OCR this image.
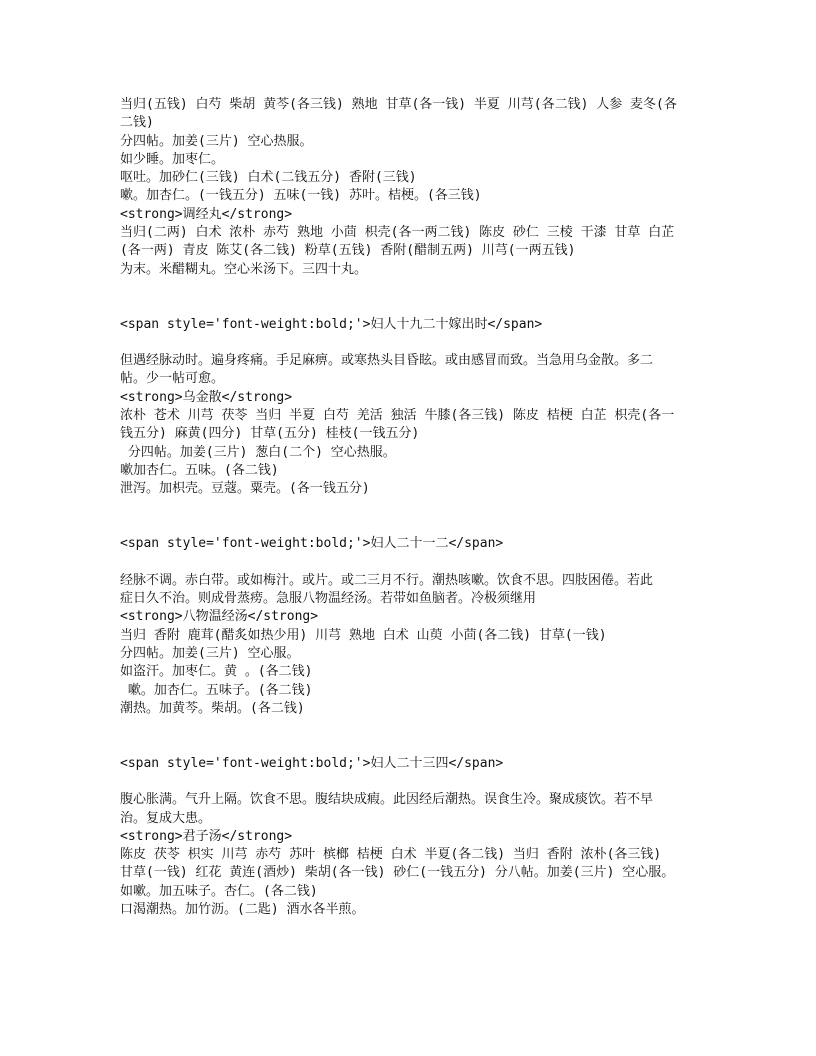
当归(五钱) 白芍 柴胡 黄芩(各三钱) 熟地 甘草(各一钱) 半夏 川芎(各二钱) 人参 麦冬(各
二钱)
分四帖。加姜(三片) 空心热服。
如少睡。加枣仁。
呕吐。加砂仁(三钱) 白术(二钱五分) 香附(三钱)
嗽。加杏仁。(一钱五分) 五味(一钱) 苏叶。桔梗。(各三钱)
<strong>调经丸</strong>
当归(二两) 白术 浓朴 赤芍 熟地 小茴 枳壳(各一两二钱) 陈皮 砂仁 三棱 干漆 甘草 白芷
(各一两) 青皮 陈艾(各二钱) 粉草(五钱) 香附(醋制五两) 川芎(一两五钱)
为末。米醋糊丸。空心米汤下。三四十丸。
<span style='font-weight:bold;'>妇人十九二十嫁出时</span>
但遇经脉动时。遍身疼痛。手足麻痹。或寒热头目昏眩。或由感冒而致。当急用乌金散。多二
帖。少一帖可愈。
<strong>乌金散</strong>
浓朴 苍术 川芎 茯苓 当归 半夏 白芍 羌活 独活 牛膝(各三钱) 陈皮 桔梗 白芷 枳壳(各一
钱五分) 麻黄(四分) 甘草(五分) 桂枝(一钱五分)
分四帖。加姜(三片) 葱白(二个) 空心热服。
嗽加杏仁。五味。(各二钱)
泄泻。加枳壳。豆蔻。粟壳。(各一钱五分)
<span style='font-weight:bold;'>妇人二十一二</span>
经脉不调。赤白带。或如梅汁。或片。或二三月不行。潮热咳嗽。饮食不思。四肢困倦。若此
症日久不治。则成骨蒸痨。急服八物温经汤。若带如鱼脑者。冷极须继用
<strong>八物温经汤</strong>
当归 香附 鹿茸(醋炙如热少用) 川芎 熟地 白术 山萸 小茴(各二钱) 甘草(一钱)
分四帖。加姜(三片) 空心服。
如盗汗。加枣仁。黄 。(各二钱)
嗽。加杏仁。五味子。(各二钱)
潮热。加黄芩。柴胡。(各二钱)
<span style='font-weight:bold;'>妇人二十三四</span>
腹心胀满。气升上隔。饮食不思。腹结块成瘕。此因经后潮热。误食生冷。聚成痰饮。若不早
治。复成大患。
<strong>君子汤</strong>
陈皮 茯苓 枳实 川芎 赤芍 苏叶 槟榔 桔梗 白术 半夏(各二钱) 当归 香附 浓朴(各三钱)
甘草(一钱) 红花 黄连(酒炒) 柴胡(各一钱) 砂仁(一钱五分) 分八帖。加姜(三片) 空心服。
如嗽。加五味子。杏仁。(各二钱)
口渴潮热。加竹沥。(二匙) 酒水各半煎。
